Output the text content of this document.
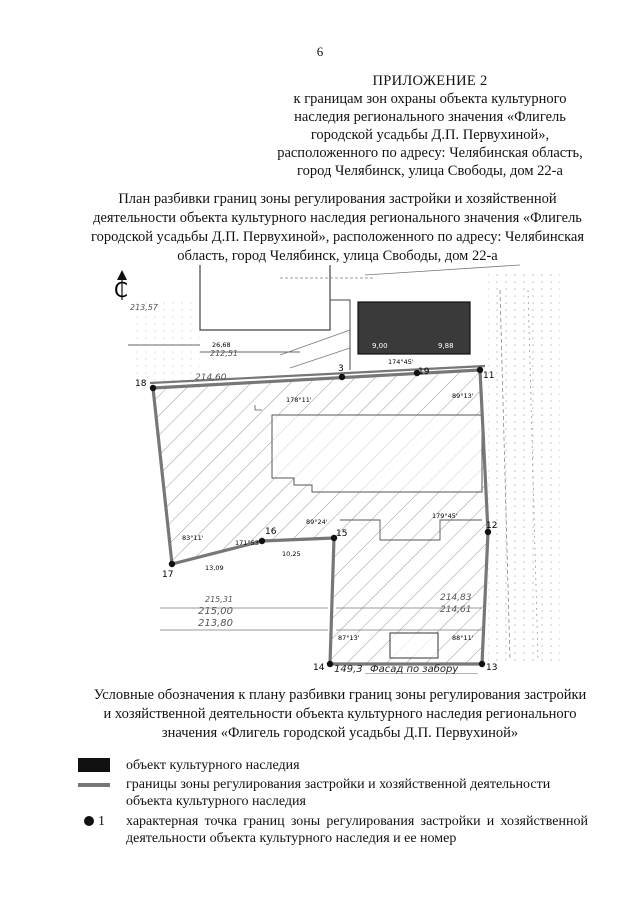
6
ПРИЛОЖЕНИЕ 2
к границам зон охраны объекта культурного
наследия регионального значения «Флигель
городской усадьбы Д.П. Первухиной»,
расположенного по адресу: Челябинская область,
город Челябинск, улица Свободы, дом 22-а
План разбивки границ зоны регулирования застройки и хозяйственной
деятельности объекта культурного наследия регионального значения «Флигель
городской усадьбы Д.П. Первухиной», расположенного по адресу: Челябинская
область, город Челябинск, улица Свободы, дом 22-а
С
9,00	9,88
18
3	19	11
12
13
14
15
16
17
89°13'
179°45'
88°11'
87°13'
89°24'
171°53'
83°11'
178°11'
174°45'
26,68
10,25
13,09
149,3 Фасад по забору
214,60
215,00
213,80
214,61
212,51
213,57
214,83
215,31
Условные обозначения к плану разбивки границ зоны регулирования застройки
и хозяйственной деятельности объекта культурного наследия регионального
значения «Флигель городской усадьбы Д.П. Первухиной»
объект культурного наследия
границы зоны регулирования застройки и хозяйственной деятельности объекта культурного наследия
1 характерная точка границ зоны регулирования застройки и хозяйственной деятельности объекта культурного наследия и ее номер
